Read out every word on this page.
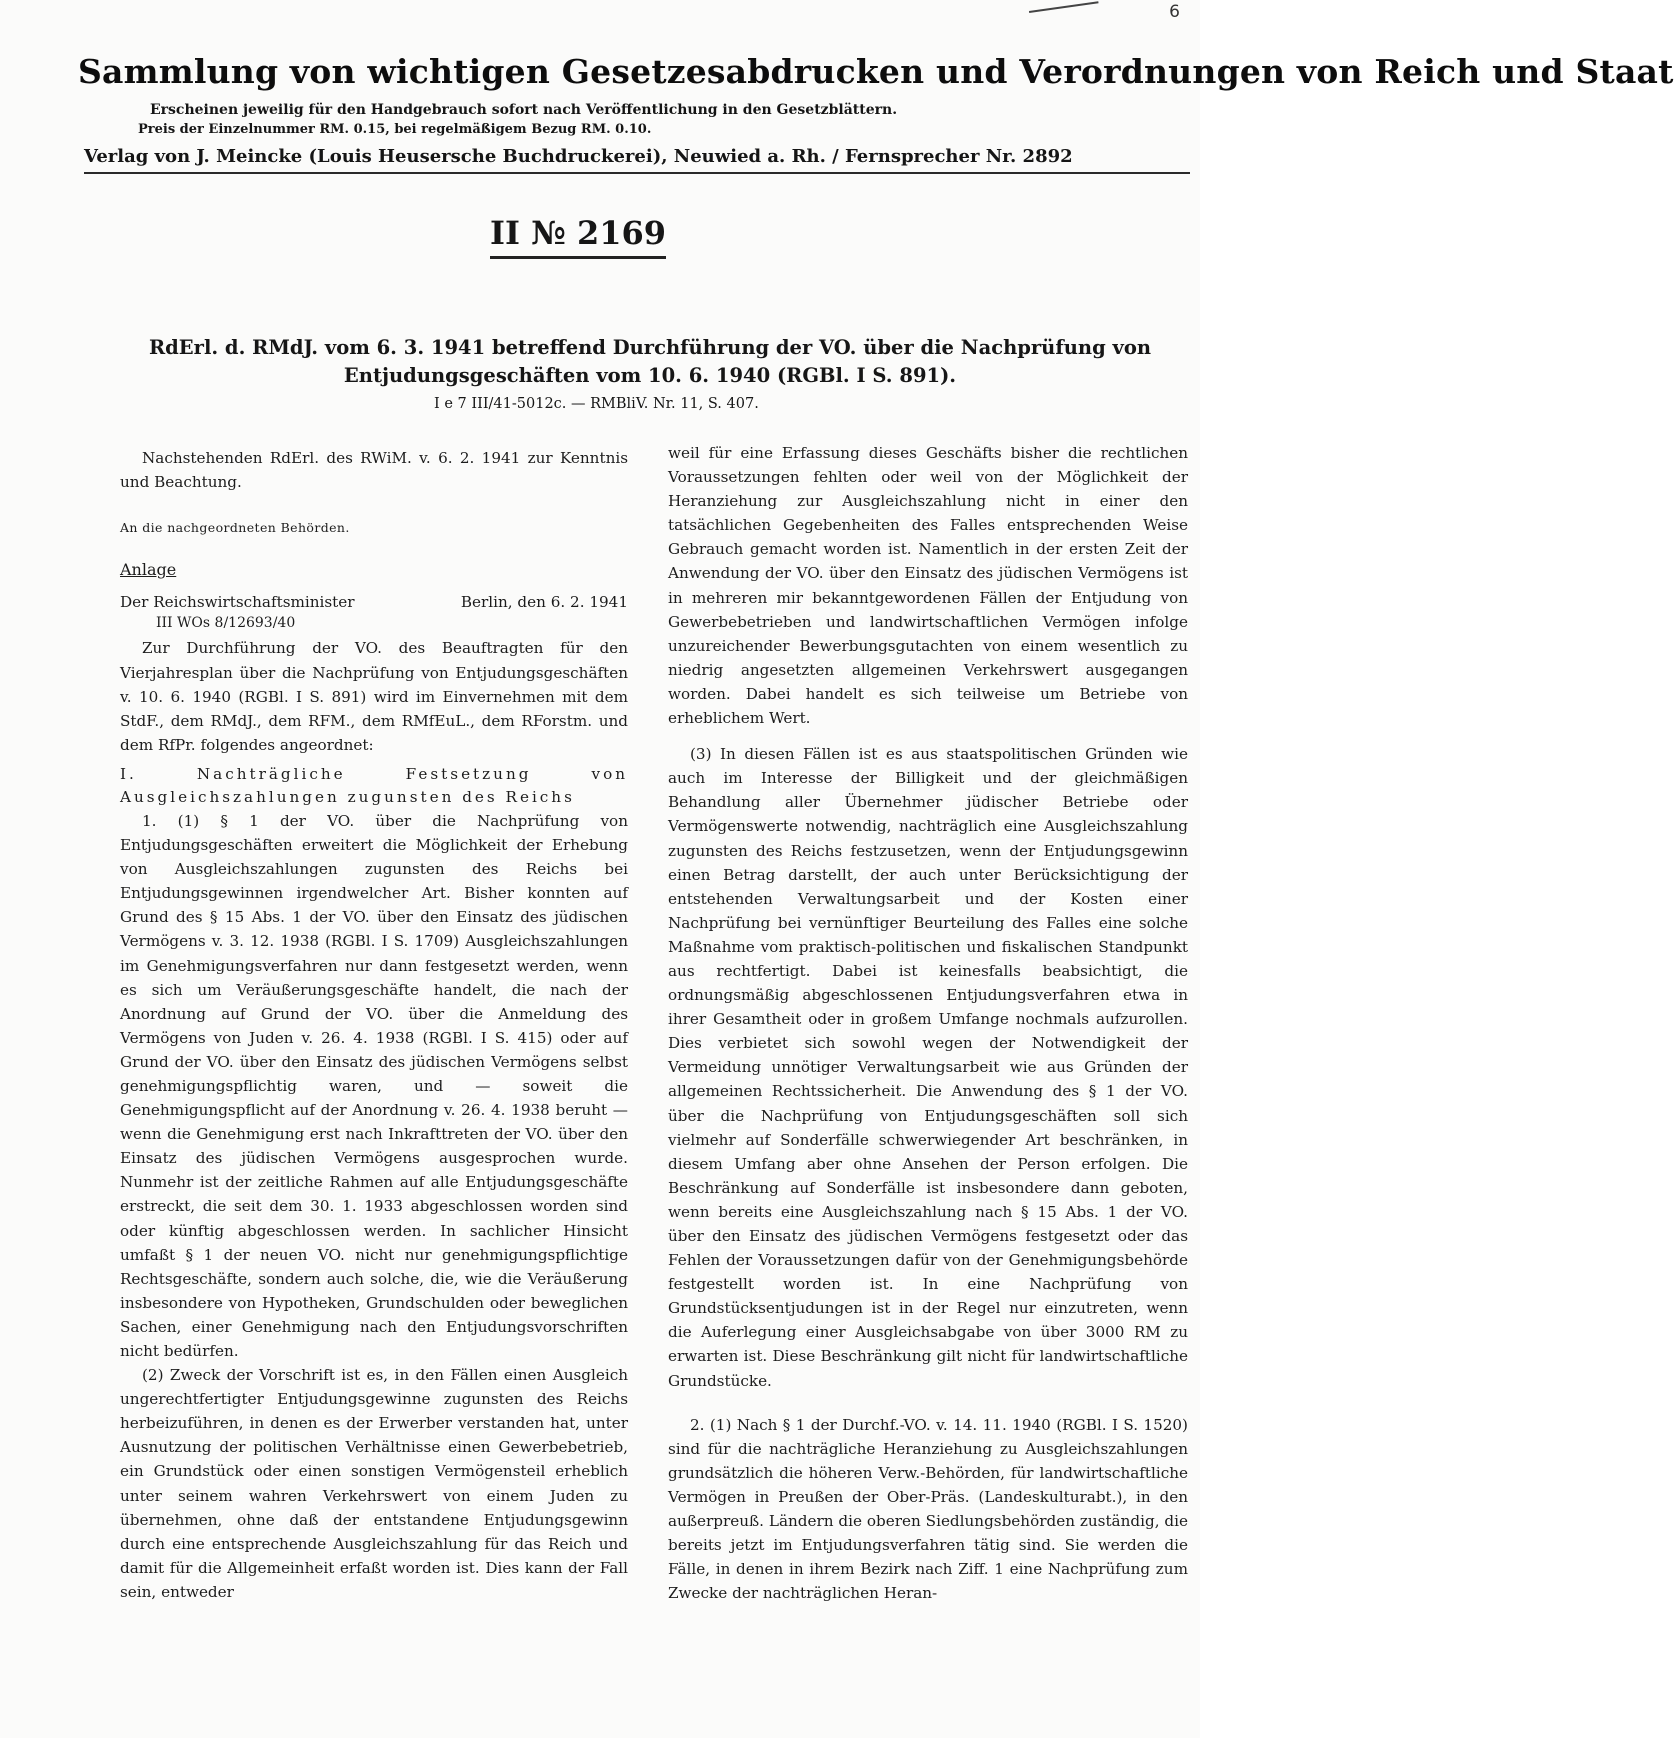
6
Sammlung von wichtigen Gesetzesabdrucken und Verordnungen von Reich und Staat
Erscheinen jeweilig für den Handgebrauch sofort nach Veröffentlichung in den Gesetzblättern.
Preis der Einzelnummer RM. 0.15, bei regelmäßigem Bezug RM. 0.10.
Verlag von J. Meincke (Louis Heusersche Buchdruckerei), Neuwied a. Rh. / Fernsprecher Nr. 2892
II № 2169
RdErl. d. RMdJ. vom 6. 3. 1941 betreffend Durchführung der VO. über die Nachprüfung von
Entjudungsgeschäften vom 10. 6. 1940 (RGBl. I S. 891).
I e 7 III/41-5012c. — RMBliV. Nr. 11, S. 407.

Nachstehenden RdErl. des RWiM. v. 6. 2. 1941 zur Kenntnis und Beachtung.

An die nachgeordneten Behörden.
Anlage
Der Reichswirtschaftsminister	Berlin, den 6. 2. 1941
III WOs 8/12693/40

Zur Durchführung der VO. des Beauftragten für den Vierjahresplan über die Nachprüfung von Entjudungsgeschäften v. 10. 6. 1940 (RGBl. I S. 891) wird im Einvernehmen mit dem StdF., dem RMdJ., dem RFM., dem RMfEuL., dem RForstm. und dem RfPr. folgendes angeordnet:

I. Nachträgliche Festsetzung von Ausgleichszahlungen zugunsten des Reichs

1. (1) § 1 der VO. über die Nachprüfung von Entjudungsgeschäften erweitert die Möglichkeit der Erhebung von Ausgleichszahlungen zugunsten des Reichs bei Entjudungsgewinnen irgendwelcher Art. Bisher konnten auf Grund des § 15 Abs. 1 der VO. über den Einsatz des jüdischen Vermögens v. 3. 12. 1938 (RGBl. I S. 1709) Ausgleichszahlungen im Genehmigungsverfahren nur dann festgesetzt werden, wenn es sich um Veräußerungsgeschäfte handelt, die nach der Anordnung auf Grund der VO. über die Anmeldung des Vermögens von Juden v. 26. 4. 1938 (RGBl. I S. 415) oder auf Grund der VO. über den Einsatz des jüdischen Vermögens selbst genehmigungspflichtig waren, und — soweit die Genehmigungspflicht auf der Anordnung v. 26. 4. 1938 beruht — wenn die Genehmigung erst nach Inkrafttreten der VO. über den Einsatz des jüdischen Vermögens ausgesprochen wurde. Nunmehr ist der zeitliche Rahmen auf alle Entjudungsgeschäfte erstreckt, die seit dem 30. 1. 1933 abgeschlossen worden sind oder künftig abgeschlossen werden. In sachlicher Hinsicht umfaßt § 1 der neuen VO. nicht nur genehmigungspflichtige Rechtsgeschäfte, sondern auch solche, die, wie die Veräußerung insbesondere von Hypotheken, Grundschulden oder beweglichen Sachen, einer Genehmigung nach den Entjudungsvorschriften nicht bedürfen.

(2) Zweck der Vorschrift ist es, in den Fällen einen Ausgleich ungerechtfertigter Entjudungsgewinne zugunsten des Reichs herbeizuführen, in denen es der Erwerber verstanden hat, unter Ausnutzung der politischen Verhältnisse einen Gewerbebetrieb, ein Grundstück oder einen sonstigen Vermögensteil erheblich unter seinem wahren Verkehrswert von einem Juden zu übernehmen, ohne daß der entstandene Entjudungsgewinn durch eine entsprechende Ausgleichszahlung für das Reich und damit für die Allgemeinheit erfaßt worden ist. Dies kann der Fall sein, entweder

weil für eine Erfassung dieses Geschäfts bisher die rechtlichen Voraussetzungen fehlten oder weil von der Möglichkeit der Heranziehung zur Ausgleichszahlung nicht in einer den tatsächlichen Gegebenheiten des Falles entsprechenden Weise Gebrauch gemacht worden ist. Namentlich in der ersten Zeit der Anwendung der VO. über den Einsatz des jüdischen Vermögens ist in mehreren mir bekanntgewordenen Fällen der Entjudung von Gewerbebetrieben und landwirtschaftlichen Vermögen infolge unzureichender Bewerbungsgutachten von einem wesentlich zu niedrig angesetzten allgemeinen Verkehrswert ausgegangen worden. Dabei handelt es sich teilweise um Betriebe von erheblichem Wert.

(3) In diesen Fällen ist es aus staatspolitischen Gründen wie auch im Interesse der Billigkeit und der gleichmäßigen Behandlung aller Übernehmer jüdischer Betriebe oder Vermögenswerte notwendig, nachträglich eine Ausgleichszahlung zugunsten des Reichs festzusetzen, wenn der Entjudungsgewinn einen Betrag darstellt, der auch unter Berücksichtigung der entstehenden Verwaltungsarbeit und der Kosten einer Nachprüfung bei vernünftiger Beurteilung des Falles eine solche Maßnahme vom praktisch-politischen und fiskalischen Standpunkt aus rechtfertigt. Dabei ist keinesfalls beabsichtigt, die ordnungsmäßig abgeschlossenen Entjudungsverfahren etwa in ihrer Gesamtheit oder in großem Umfange nochmals aufzurollen. Dies verbietet sich sowohl wegen der Notwendigkeit der Vermeidung unnötiger Verwaltungsarbeit wie aus Gründen der allgemeinen Rechtssicherheit. Die Anwendung des § 1 der VO. über die Nachprüfung von Entjudungsgeschäften soll sich vielmehr auf Sonderfälle schwerwiegender Art beschränken, in diesem Umfang aber ohne Ansehen der Person erfolgen. Die Beschränkung auf Sonderfälle ist insbesondere dann geboten, wenn bereits eine Ausgleichszahlung nach § 15 Abs. 1 der VO. über den Einsatz des jüdischen Vermögens festgesetzt oder das Fehlen der Voraussetzungen dafür von der Genehmigungsbehörde festgestellt worden ist. In eine Nachprüfung von Grundstücksentjudungen ist in der Regel nur einzutreten, wenn die Auferlegung einer Ausgleichsabgabe von über 3000 RM zu erwarten ist. Diese Beschränkung gilt nicht für landwirtschaftliche Grundstücke.

2. (1) Nach § 1 der Durchf.-VO. v. 14. 11. 1940 (RGBl. I S. 1520) sind für die nachträgliche Heranziehung zu Ausgleichszahlungen grundsätzlich die höheren Verw.-Behörden, für landwirtschaftliche Vermögen in Preußen der Ober-Präs. (Landeskulturabt.), in den außerpreuß. Ländern die oberen Siedlungsbehörden zuständig, die bereits jetzt im Entjudungsverfahren tätig sind. Sie werden die Fälle, in denen in ihrem Bezirk nach Ziff. 1 eine Nachprüfung zum Zwecke der nachträglichen Heran-
